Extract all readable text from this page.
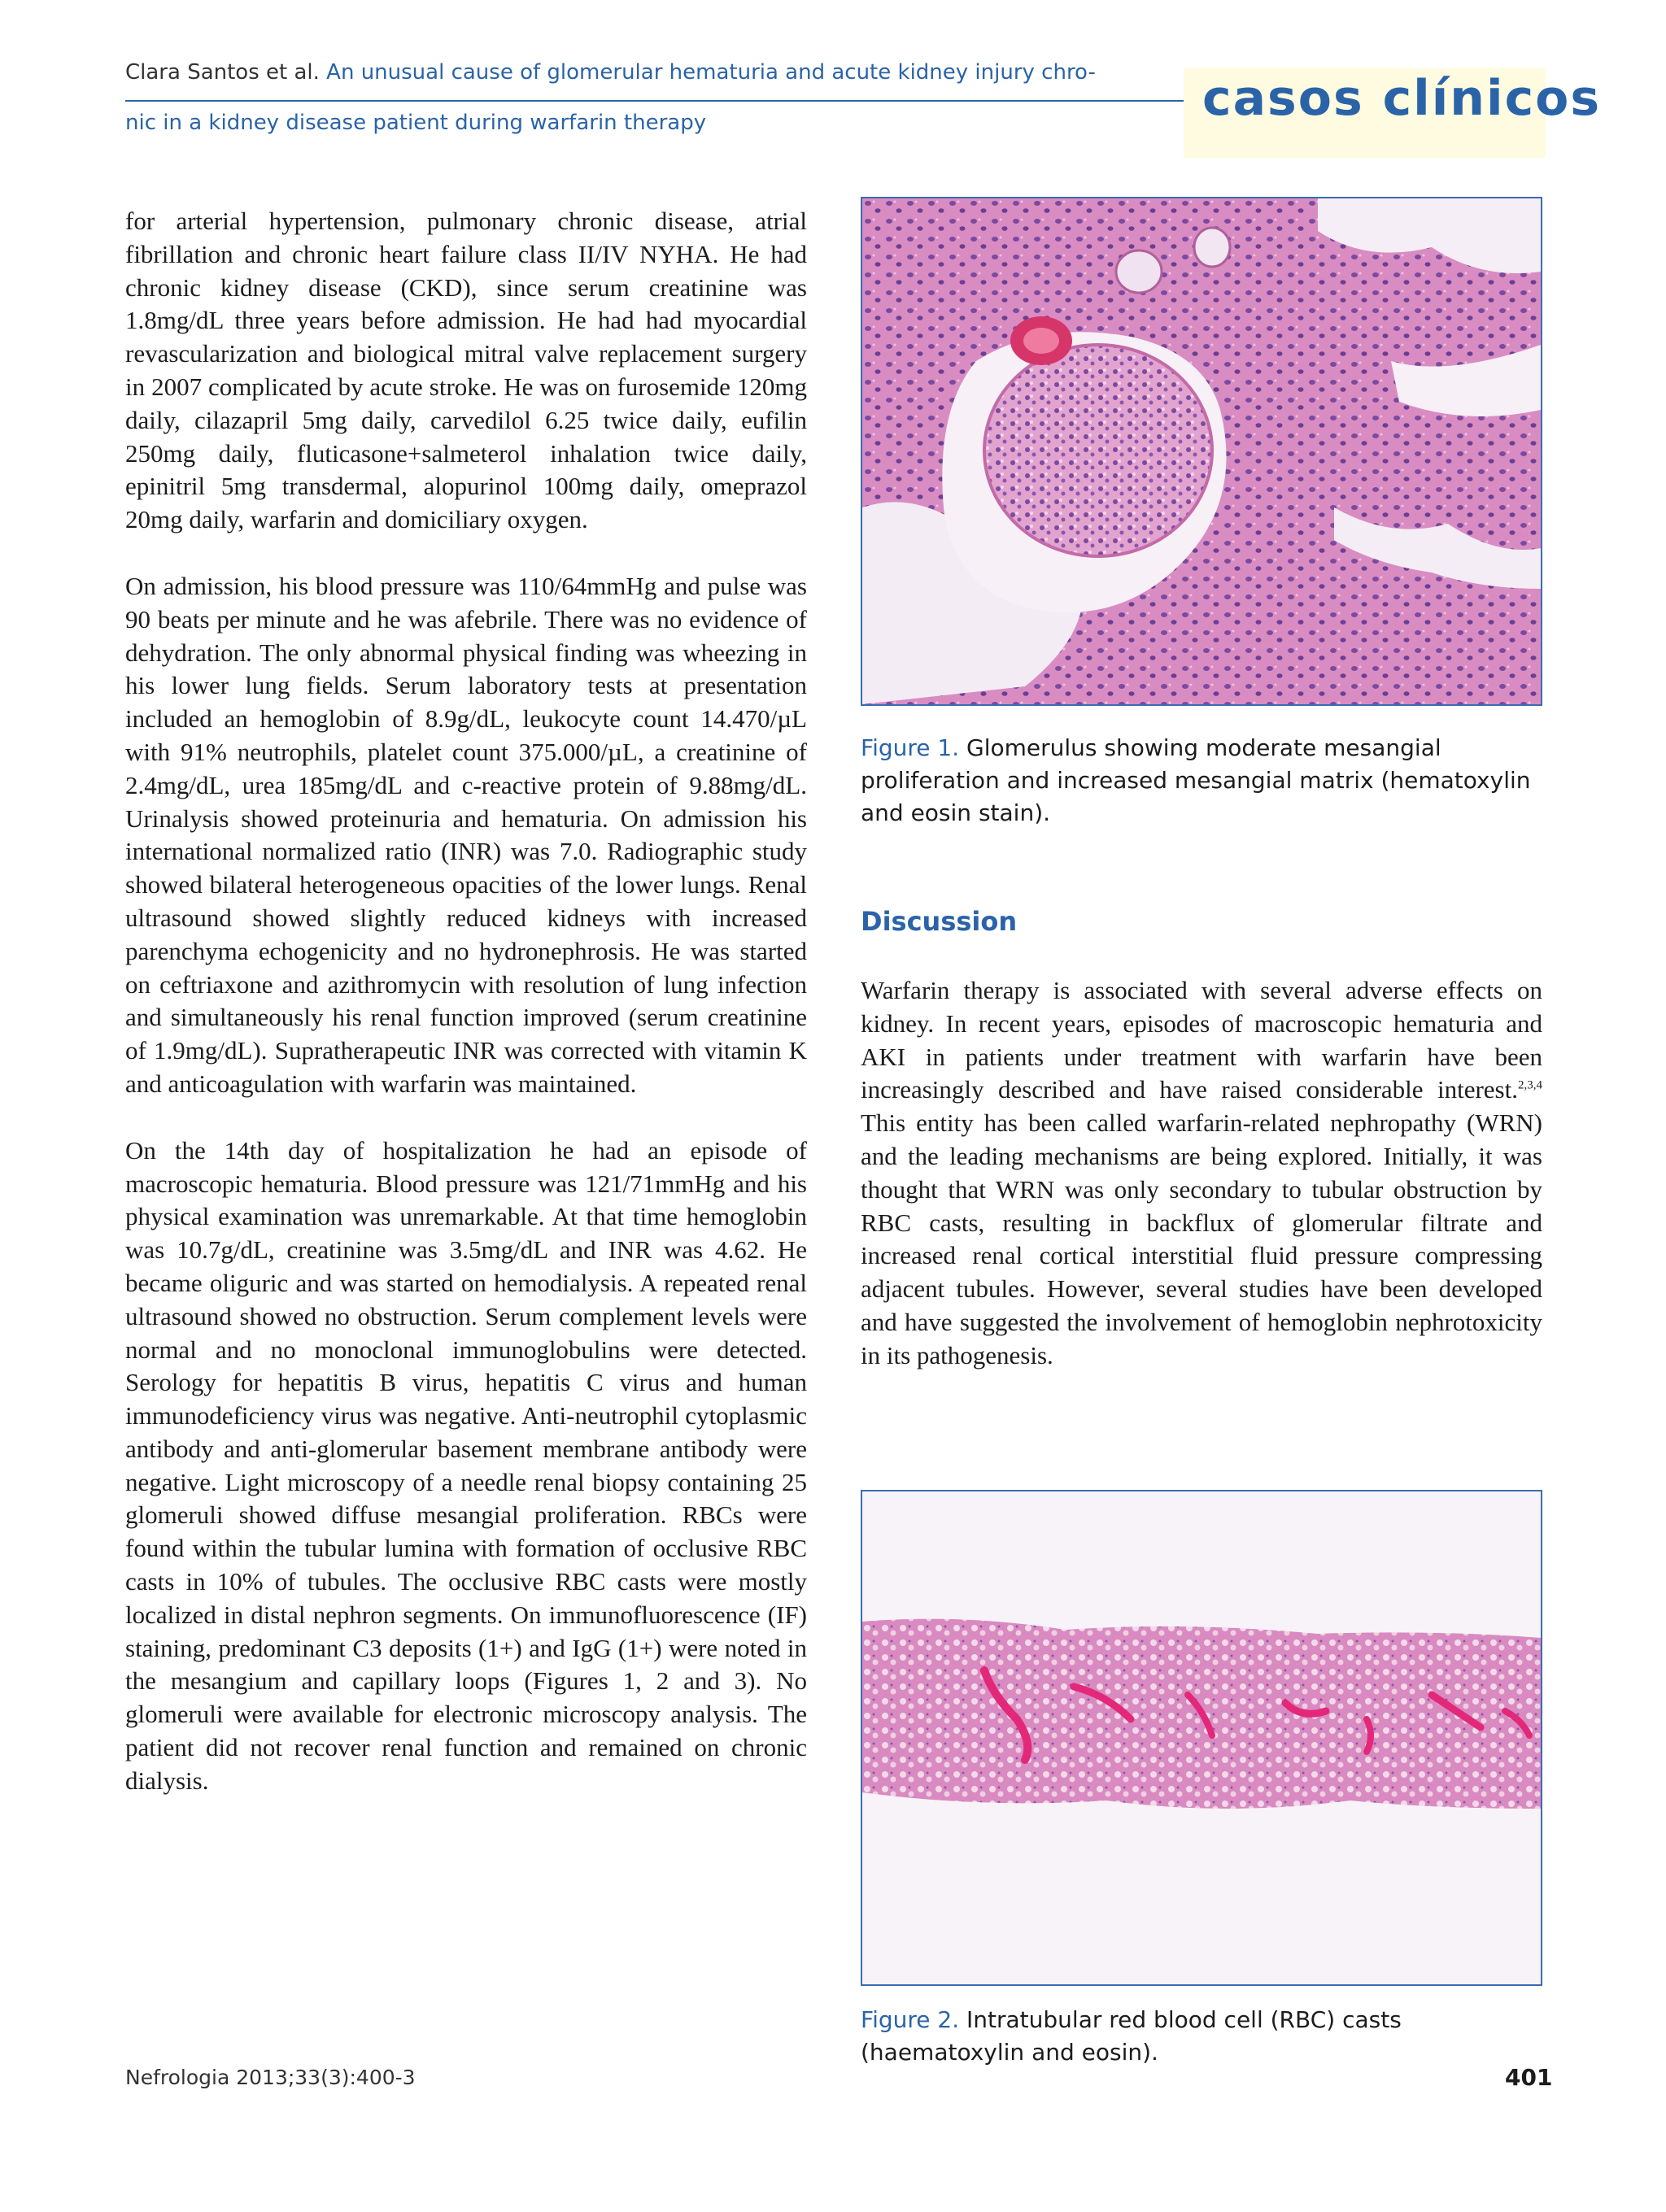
Clara Santos et al. An unusual cause of glomerular hematuria and acute kidney injury chro-
nic in a kidney disease patient during warfarin therapy	casos clínicos

for arterial hypertension, pulmonary chronic disease, atrial fibrillation and chronic heart failure class II/IV NYHA. He had chronic kidney disease (CKD), since serum creatinine was 1.8mg/dL three years before admission. He had had myocardial revascularization and biological mitral valve replacement surgery in 2007 complicated by acute stroke. He was on furosemide 120mg daily, cilazapril 5mg daily, carvedilol 6.25 twice daily, eufilin 250mg daily, fluticasone+salmeterol inhalation twice daily, epinitril 5mg transdermal, alopurinol 100mg daily, omeprazol 20mg daily, warfarin and domiciliary oxygen.

On admission, his blood pressure was 110/64mmHg and pulse was 90 beats per minute and he was afebrile. There was no evidence of dehydration. The only abnormal physical finding was wheezing in his lower lung fields. Serum laboratory tests at presentation included an hemoglobin of 8.9g/dL, leukocyte count 14.470/µL with 91% neutrophils, platelet count 375.000/µL, a creatinine of 2.4mg/dL, urea 185mg/dL and c-reactive protein of 9.88mg/dL. Urinalysis showed proteinuria and hematuria. On admission his international normalized ratio (INR) was 7.0. Radiographic study showed bilateral heterogeneous opacities of the lower lungs. Renal ultrasound showed slightly reduced kidneys with increased parenchyma echogenicity and no hydronephrosis. He was started on ceftriaxone and azithromycin with resolution of lung infection and simultaneously his renal function improved (serum creatinine of 1.9mg/dL). Supratherapeutic INR was corrected with vitamin K and anticoagulation with warfarin was maintained.

On the 14th day of hospitalization he had an episode of macroscopic hematuria. Blood pressure was 121/71mmHg and his physical examination was unremarkable. At that time hemoglobin was 10.7g/dL, creatinine was 3.5mg/dL and INR was 4.62. He became oliguric and was started on hemodialysis. A repeated renal ultrasound showed no obstruction. Serum complement levels were normal and no monoclonal immunoglobulins were detected. Serology for hepatitis B virus, hepatitis C virus and human immunodeficiency virus was negative. Anti-neutrophil cytoplasmic antibody and anti-glomerular basement membrane antibody were negative. Light microscopy of a needle renal biopsy containing 25 glomeruli showed diffuse mesangial proliferation. RBCs were found within the tubular lumina with formation of occlusive RBC casts in 10% of tubules. The occlusive RBC casts were mostly localized in distal nephron segments. On immunofluorescence (IF) staining, predominant C3 deposits (1+) and IgG (1+) were noted in the mesangium and capillary loops (Figures 1, 2 and 3). No glomeruli were available for electronic microscopy analysis. The patient did not recover renal function and remained on chronic dialysis.

Figure 1. Glomerulus showing moderate mesangial proliferation and increased mesangial matrix (hematoxylin and eosin stain).
Discussion

Warfarin therapy is associated with several adverse effects on kidney. In recent years, episodes of macroscopic hematuria and AKI in patients under treatment with warfarin have been increasingly described and have raised considerable interest.$^{2,3,4}$ This entity has been called warfarin-related nephropathy (WRN) and the leading mechanisms are being explored. Initially, it was thought that WRN was only secondary to tubular obstruction by RBC casts, resulting in backflux of glomerular filtrate and increased renal cortical interstitial fluid pressure compressing adjacent tubules. However, several studies have been developed and have suggested the involvement of hemoglobin nephrotoxicity in its pathogenesis.

Figure 2. Intratubular red blood cell (RBC) casts (haematoxylin and eosin).
Nefrologia 2013;33(3):400-3	401
